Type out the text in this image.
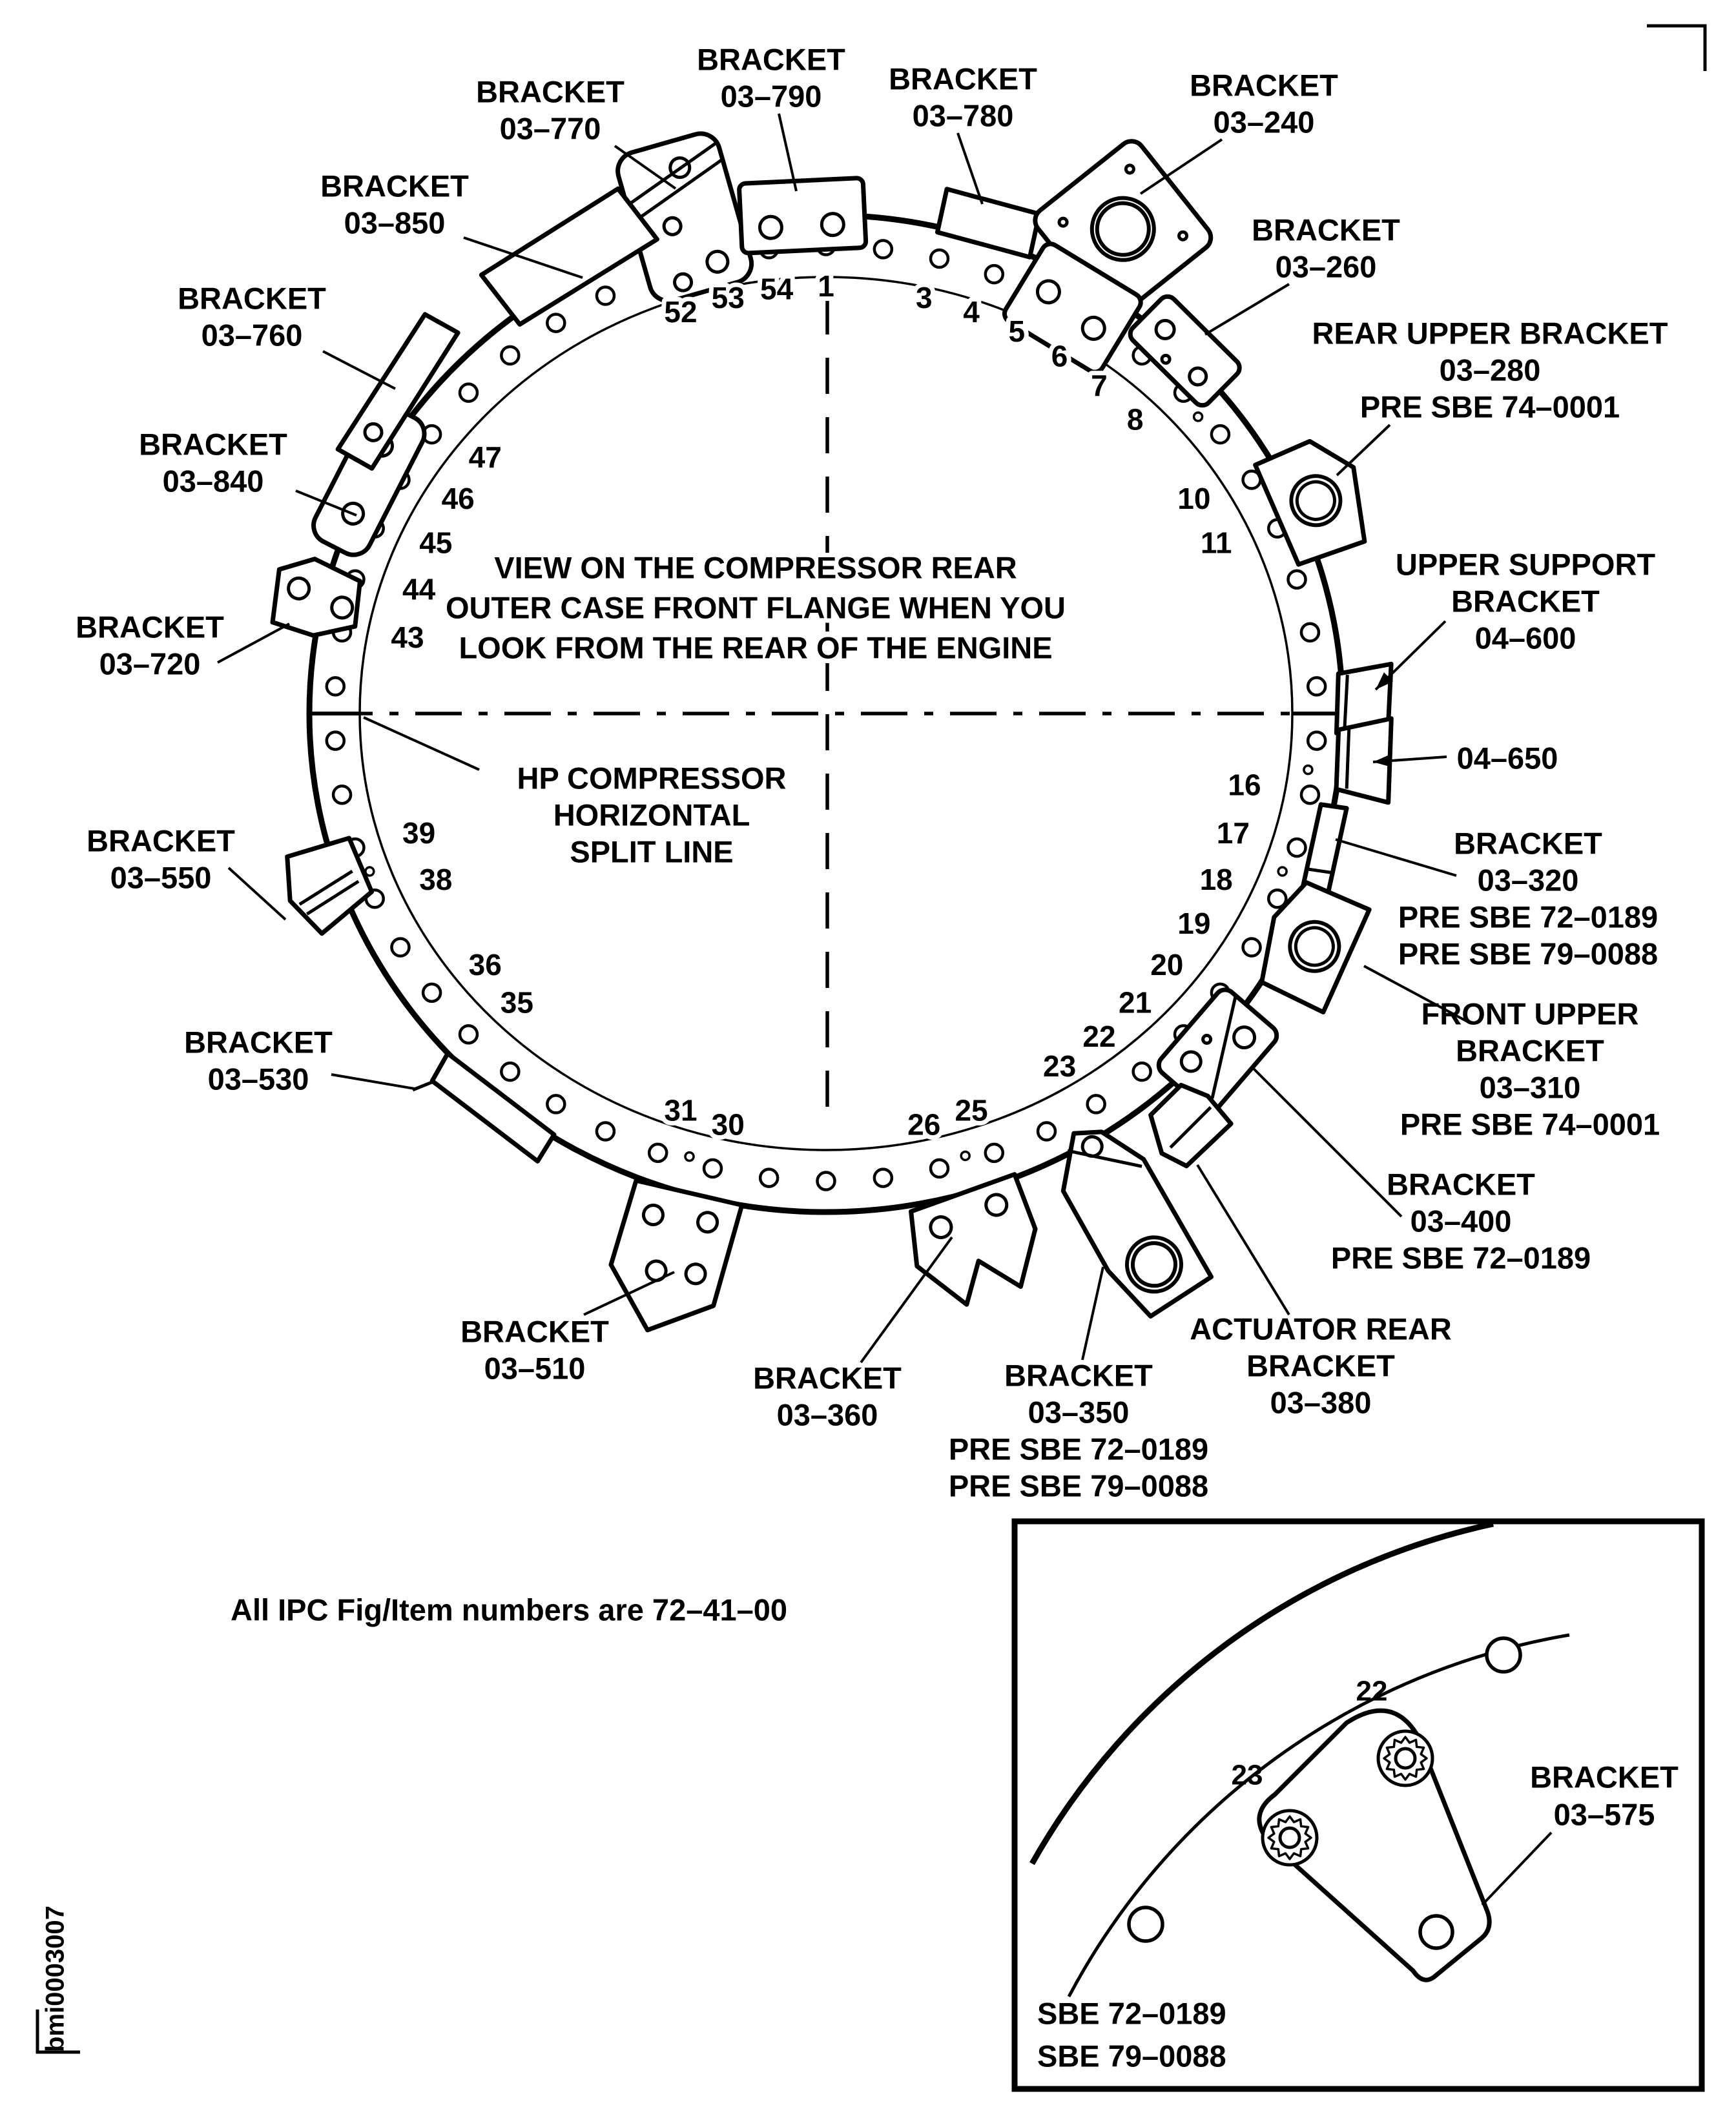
1	3 4
5
6
7
8
10
11
16
17
18
19
20
21
22
23
25
26
30
31
35
36
38
39
43
44
45
46
47
52 53 54
VIEW ON THE COMPRESSOR REAR
OUTER CASE FRONT FLANGE WHEN YOU
LOOK FROM THE REAR OF THE ENGINE
HP COMPRESSOR
HORIZONTAL
SPLIT LINE
BRACKET
03–850
BRACKET
03–770
BRACKET
03–790
BRACKET
03–780
BRACKET
03–240
BRACKET
03–260
REAR UPPER BRACKET
03–280
PRE SBE 74–0001
UPPER SUPPORT
BRACKET
04–600
04–650
BRACKET
03–320
PRE SBE 72–0189
PRE SBE 79–0088
FRONT UPPER
BRACKET
03–310
PRE SBE 74–0001
BRACKET
03–400
PRE SBE 72–0189
ACTUATOR REAR
BRACKET
03–380
BRACKET
03–350
PRE SBE 72–0189
PRE SBE 79–0088
BRACKET
03–360
BRACKET
03–510
BRACKET
03–530
BRACKET
03–550
BRACKET
03–720
BRACKET
03–840
BRACKET
03–760
22
23	BRACKET
03–575
SBE 72–0189
SBE 79–0088
All IPC Fig/Item numbers are 72–41–00
bmi0003007
